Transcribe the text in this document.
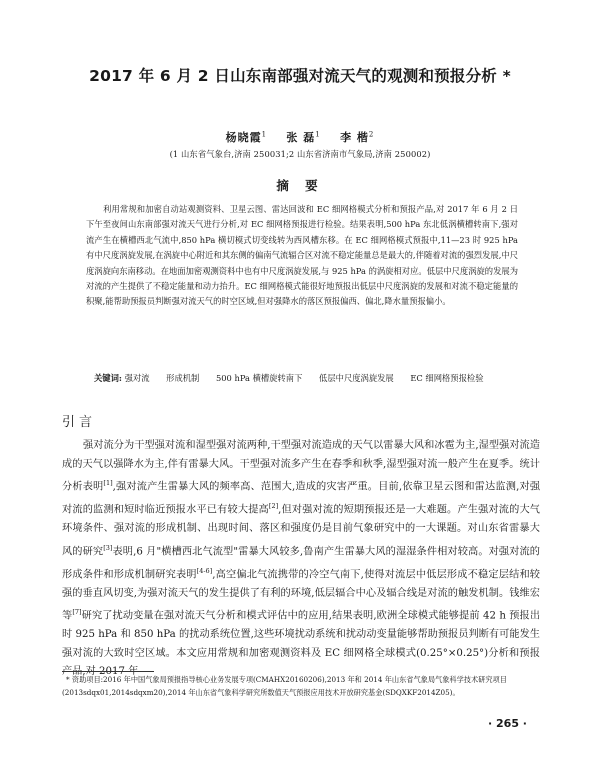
2017 年 6 月 2 日山东南部强对流天气的观测和预报分析 *
杨晓霞$^1$ 张 磊$^1$ 李 楷$^2$
(1 山东省气象台,济南 250031;2 山东省济南市气象局,济南 250002)
摘 要

利用常规和加密自动站观测资料、卫星云图、雷达回波和 EC 细网格模式分析和预报产品,对 2017 年 6 月 2 日下午至夜间山东南部强对流天气进行分析,对 EC 细网格预报进行检验。结果表明,500 hPa 东北低涡横槽转南下,强对流产生在横槽西北气流中,850 hPa 横切模式切变线转为西风槽东移。在 EC 细网格模式预报中,11—23 时 925 hPa 有中尺度涡旋发展,在涡旋中心附近和其东侧的偏南气流辐合区对流不稳定能量总是最大的,伴随着对流的强烈发展,中尺度涡旋向东南移动。在地面加密观测资料中也有中尺度涡旋发展,与 925 hPa 的涡旋相对应。低层中尺度涡旋的发展为对流的产生提供了不稳定能量和动力抬升。EC 细网格模式能很好地预报出低层中尺度涡旋的发展和对流不稳定能量的积聚,能帮助预报员判断强对流天气的时空区域,但对强降水的落区预报偏西、偏北,降水量预报偏小。

关键词: 强对流 形成机制 500 hPa 横槽旋转南下 低层中尺度涡旋发展 EC 细网格预报检验

引言

强对流分为干型强对流和湿型强对流两种,干型强对流造成的天气以雷暴大风和冰雹为主,湿型强对流造成的天气以强降水为主,伴有雷暴大风。干型强对流多产生在春季和秋季,湿型强对流一般产生在夏季。统计分析表明[1],强对流产生雷暴大风的频率高、范围大,造成的灾害严重。目前,依靠卫星云图和雷达监测,对强对流的监测和短时临近预报水平已有较大提高[2],但对强对流的短期预报还是一大难题。产生强对流的大气环境条件、强对流的形成机制、出现时间、落区和强度仍是目前气象研究中的一大课题。对山东省雷暴大风的研究[3]表明,6 月"横槽西北气流型"雷暴大风较多,鲁南产生雷暴大风的湿湿条件相对较高。对强对流的形成条件和形成机制研究表明[4-6],高空偏北气流携带的冷空气南下,使得对流层中低层形成不稳定层结和较强的垂直风切变,为强对流天气的发生提供了有利的环境,低层辐合中心及辐合线是对流的触发机制。钱维宏等[7]研究了扰动变量在强对流天气分析和模式评估中的应用,结果表明,欧洲全球模式能够提前 42 h 预报出时 925 hPa 和 850 hPa 的扰动系统位置,这些环境扰动系统和扰动动变量能够帮助预报员判断有可能发生强对流的大致时空区域。本文应用常规和加密观测资料及 EC 细网格全球模式(0.25°×0.25°)分析和预报产品,对 2017 年

* 资助项目:2016 年中国气象局预报指导核心业务发展专项(CMAHX20160206),2013 年和 2014 年山东省气象局气象科学技术研究项目(2013sdqx01,2014sdqxm20),2014 年山东省气象科学研究所数值天气预报应用技术开放研究基金(SDQXKF2014Z05)。

· 265 ·
